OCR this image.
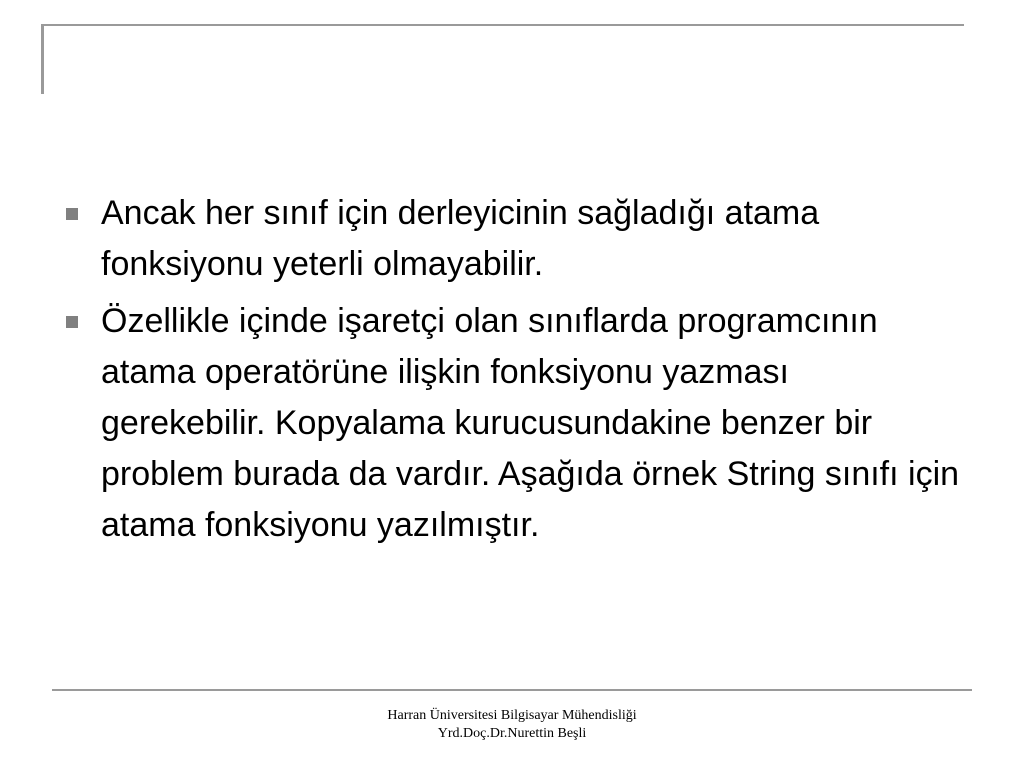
Ancak her sınıf için derleyicinin sağladığı atama fonksiyonu yeterli olmayabilir.
Özellikle içinde işaretçi olan sınıflarda programcının atama operatörüne ilişkin fonksiyonu yazması gerekebilir. Kopyalama kurucusundakine benzer bir problem burada da vardır. Aşağıda örnek String sınıfı için atama fonksiyonu yazılmıştır.
Harran Üniversitesi Bilgisayar Mühendisliği
Yrd.Doç.Dr.Nurettin Beşli
